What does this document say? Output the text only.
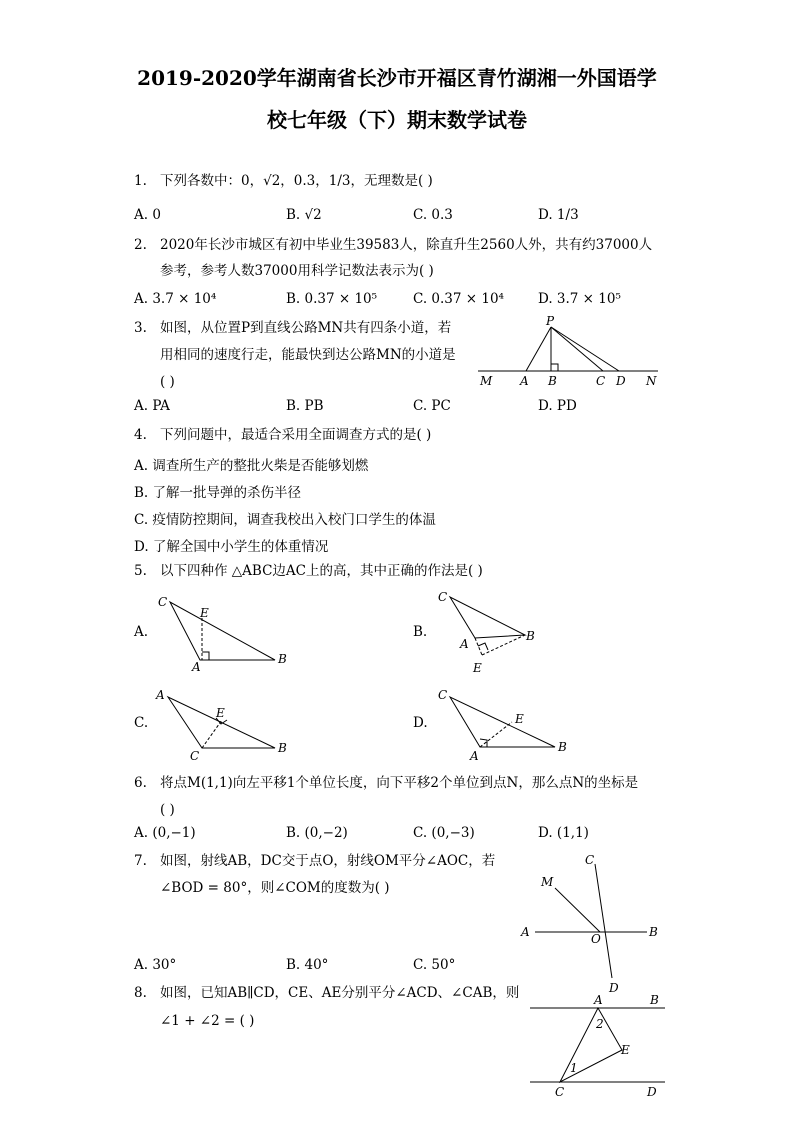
2019-2020学年湖南省长沙市开福区青竹湖湘一外国语学
校七年级（下）期末数学试卷
1. 下列各数中：0，√2，0.3，1/3，无理数是( )
A. 0	B. √2	C. 0.3	D. 1/3
2. 2020年长沙市城区有初中毕业生39583人，除直升生2560人外，共有约37000人
参考，参考人数37000用科学记数法表示为( )
A. 3.7 × 10⁴	B. 0.37 × 10⁵	C. 0.37 × 10⁴	D. 3.7 × 10⁵
3. 如图，从位置P到直线公路MN共有四条小道，若
用相同的速度行走，能最快到达公路MN的小道是
( )
P
M A B	C D N
A. PA	B. PB	C. PC	D. PD
4. 下列问题中，最适合采用全面调查方式的是( )
A. 调查所生产的整批火柴是否能够划燃
B. 了解一批导弹的杀伤半径
C. 疫情防控期间，调查我校出入校门口学生的体温
D. 了解全国中小学生的体重情况
5. 以下四种作 △ABC边AC上的高，其中正确的作法是( )
A.
C
E
A
B
B.
C
A
E
B
C.
A
E
C
B
D.
C
E
A
B
6. 将点M(1,1)向左平移1个单位长度，向下平移2个单位到点N，那么点N的坐标是
( )
A. (0,−1)	B. (0,−2)	C. (0,−3)	D. (1,1)
7. 如图，射线AB，DC交于点O，射线OM平分∠AOC，若
∠BOD = 80°，则∠COM的度数为( )
C
M
A	O	B
D
A. 30°	B. 40°	C. 50°
8. 如图，已知AB∥CD，CE、AE分别平分∠ACD、∠CAB，则
∠1 + ∠2 = ( )
A	B
2
E
1
C	D
